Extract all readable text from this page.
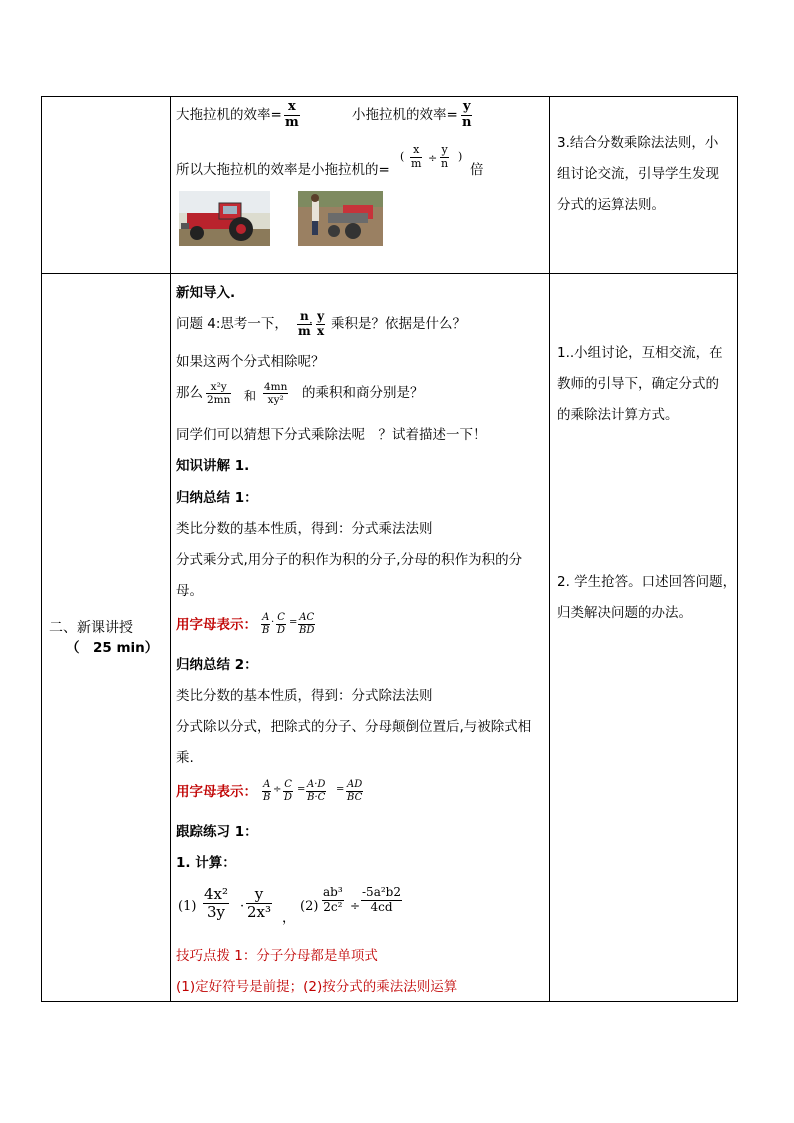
大拖拉机的效率=
x
m	小拖拉机的效率=
y
n
所以大拖拉机的效率是小拖拉机的=
(
x
m ÷
y
n
)
倍
3.结合分数乘除法法则，小
组讨论交流，引导学生发现
分式的运算法则。
二、新课讲授
（　25 min）
新知导入.
问题 4:思考一下， n
m
· y
x 乘积是？依据是什么？
如果这两个分式相除呢？
那么 x²y
2mn 和
4mn
xy² 的乘积和商分别是？
同学们可以猜想下分式乘除法呢　？试着描述一下！
知识讲解 1.
归纳总结 1：
类比分数的基本性质，得到：分式乘法法则
分式乘分式,用分子的积作为积的分子,分母的积作为积的分
母。
用字母表示： A
B
· C
D
= AC
BD
归纳总结 2：
类比分数的基本性质，得到：分式除法法则
分式除以分式，把除式的分子、分母颠倒位置后,与被除式相
乘.
用字母表示： A
B
÷ C
D
= A·D
B·C
= AD
BC
跟踪练习 1：
1. 计算：
(1)
4x²
3y ·
y
2x³ ，
(2)
ab³
2c² ÷
-5a²b2
4cd
技巧点拨 1：分子分母都是单项式
(1)定好符号是前提；(2)按分式的乘法法则运算
1..小组讨论，互相交流，在
教师的引导下，确定分式的
的乘除法计算方式。
2. 学生抢答。口述回答问题，
归类解决问题的办法。
